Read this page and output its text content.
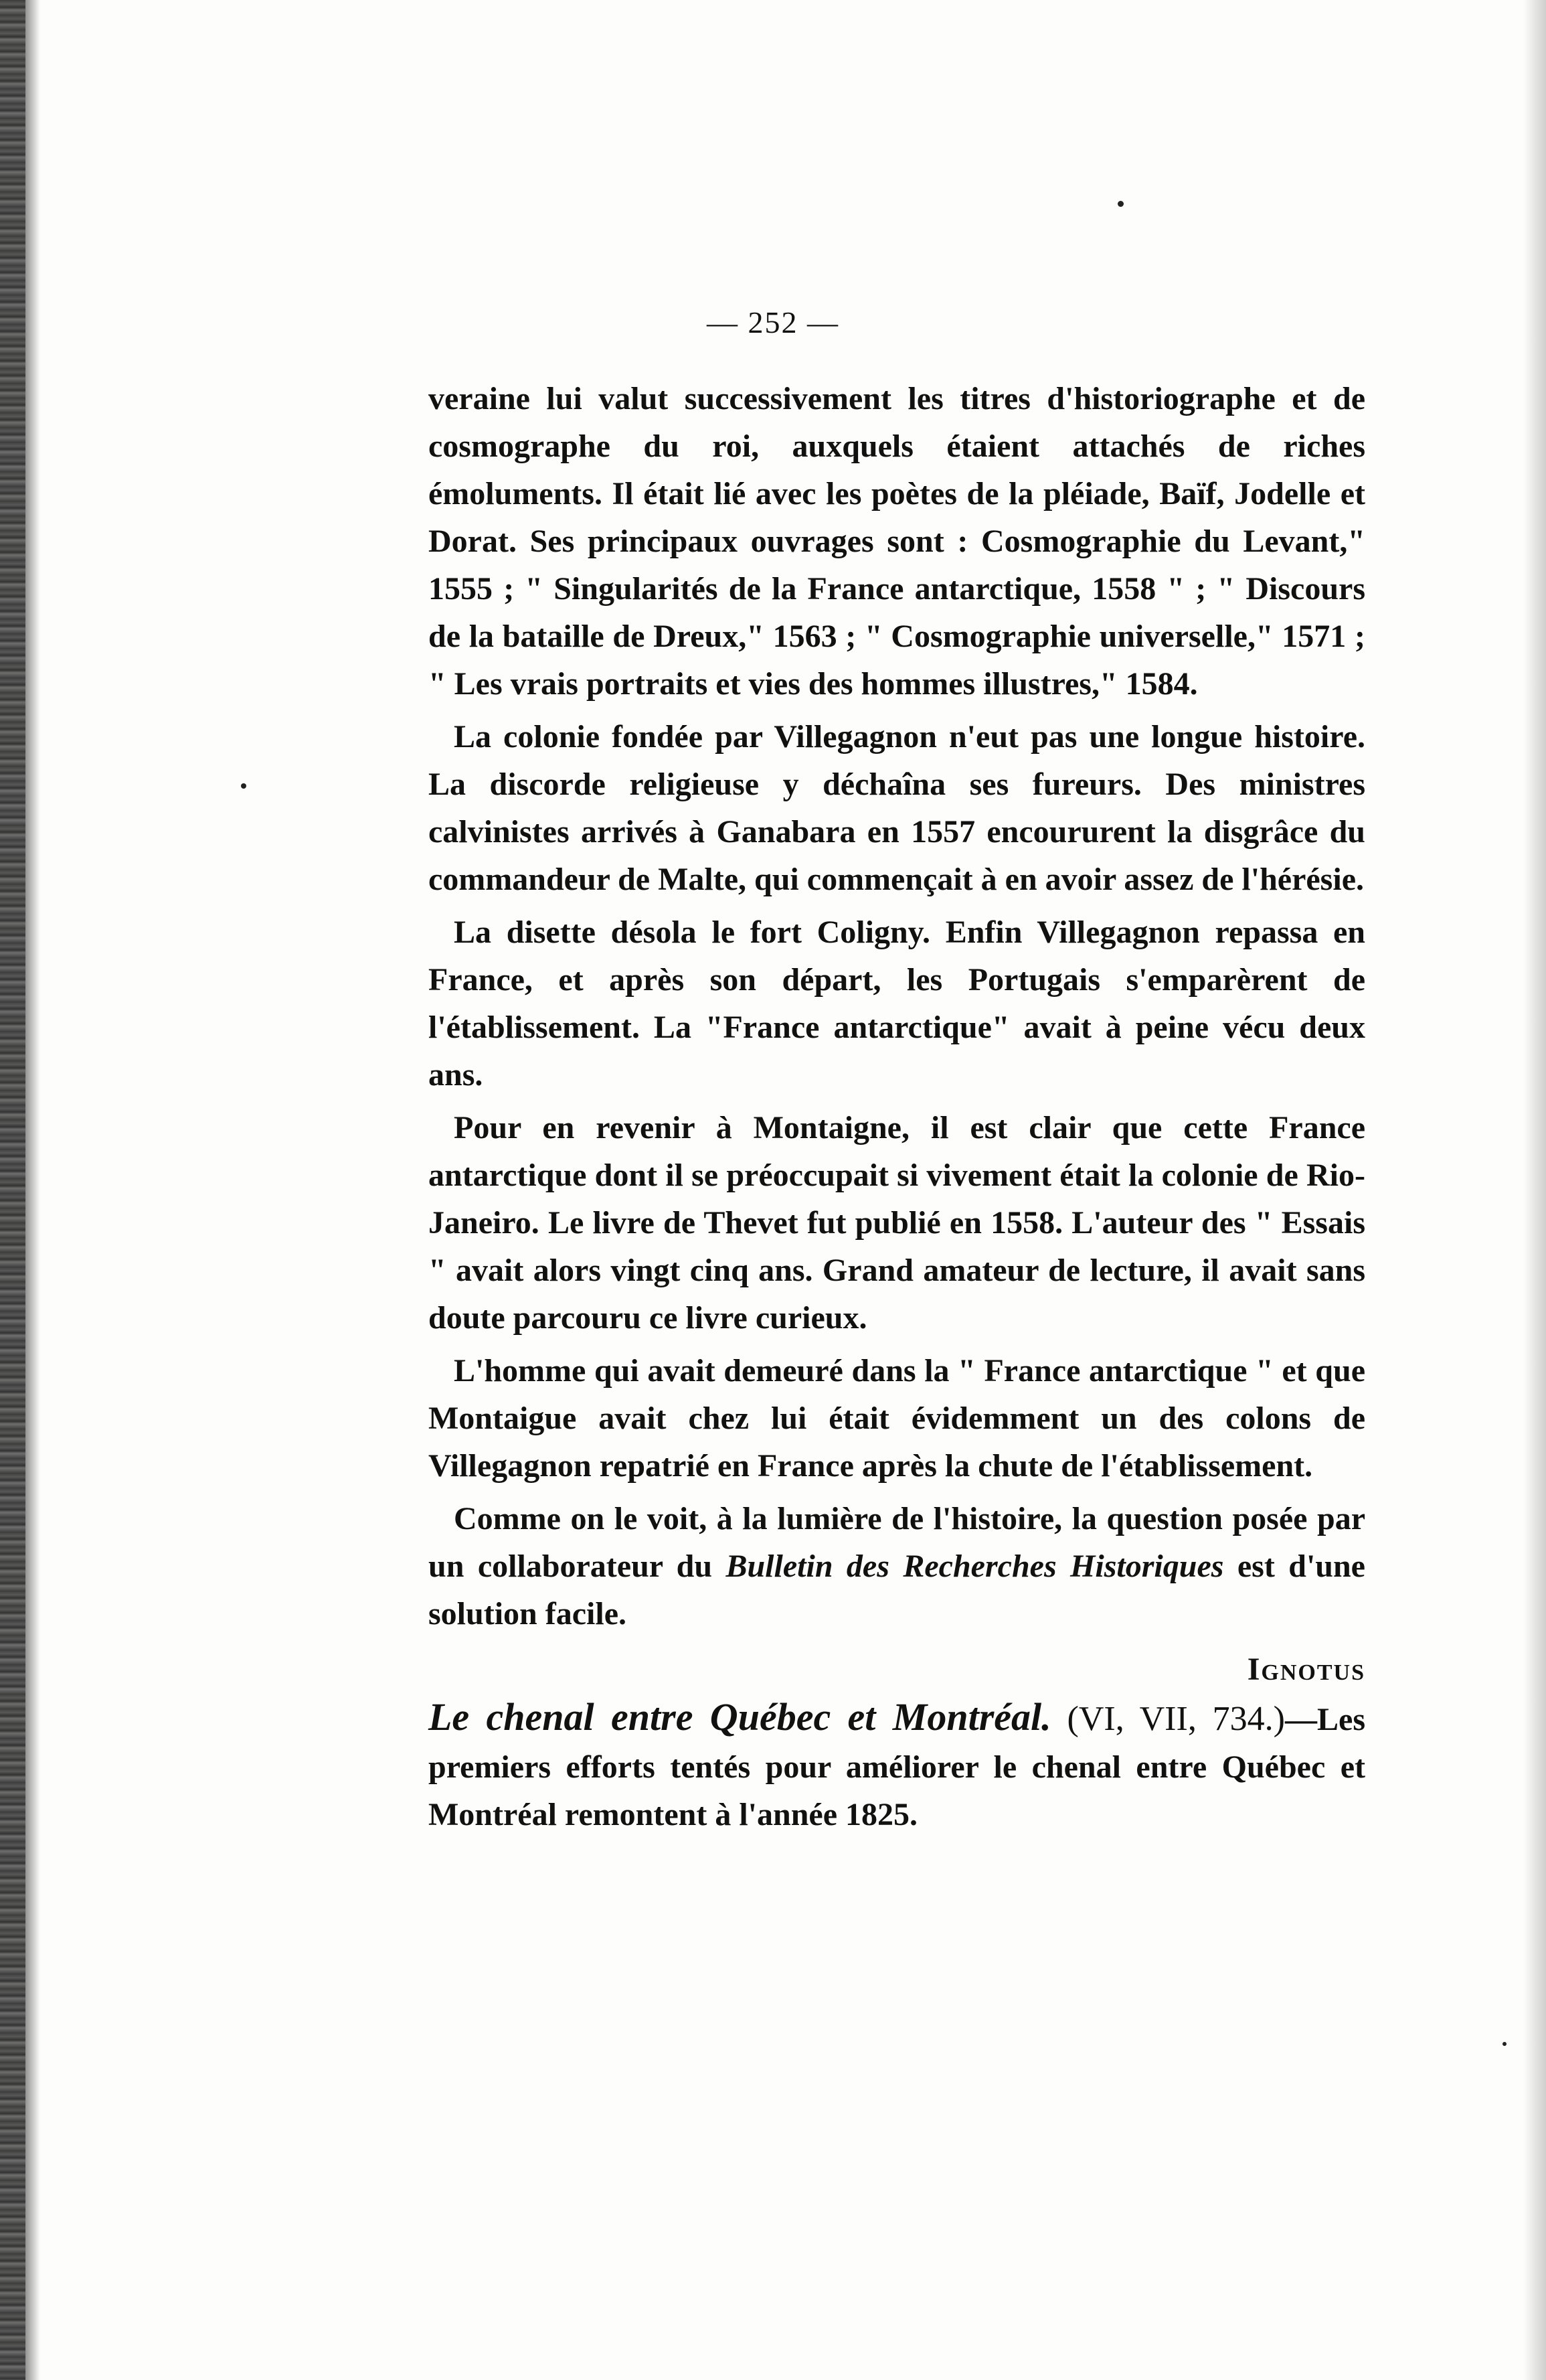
— 252 —

veraine lui valut successivement les titres d'historiographe et de cosmographe du roi, auxquels étaient attachés de riches émoluments. Il était lié avec les poètes de la pléiade, Baïf, Jodelle et Dorat. Ses principaux ouvrages sont : Cosmographie du Levant," 1555 ; " Singularités de la France antarctique, 1558 " ; " Discours de la bataille de Dreux," 1563 ; " Cosmographie universelle," 1571 ; " Les vrais portraits et vies des hommes illustres," 1584.

La colonie fondée par Villegagnon n'eut pas une longue histoire. La discorde religieuse y déchaîna ses fureurs. Des ministres calvinistes arrivés à Ganabara en 1557 encoururent la disgrâce du commandeur de Malte, qui commençait à en avoir assez de l'hérésie.

La disette désola le fort Coligny. Enfin Villegagnon repassa en France, et après son départ, les Portugais s'emparèrent de l'établissement. La "France antarctique" avait à peine vécu deux ans.

Pour en revenir à Montaigne, il est clair que cette France antarctique dont il se préoccupait si vivement était la colonie de Rio-Janeiro. Le livre de Thevet fut publié en 1558. L'auteur des " Essais " avait alors vingt cinq ans. Grand amateur de lecture, il avait sans doute parcouru ce livre curieux.

L'homme qui avait demeuré dans la " France antarctique " et que Montaigue avait chez lui était évidemment un des colons de Villegagnon repatrié en France après la chute de l'établissement.

Comme on le voit, à la lumière de l'histoire, la question posée par un collaborateur du Bulletin des Recherches Historiques est d'une solution facile.

Ignotus

Le chenal entre Québec et Montréal. (VI, VII, 734.)—Les premiers efforts tentés pour améliorer le chenal entre Québec et Montréal remontent à l'année 1825.
